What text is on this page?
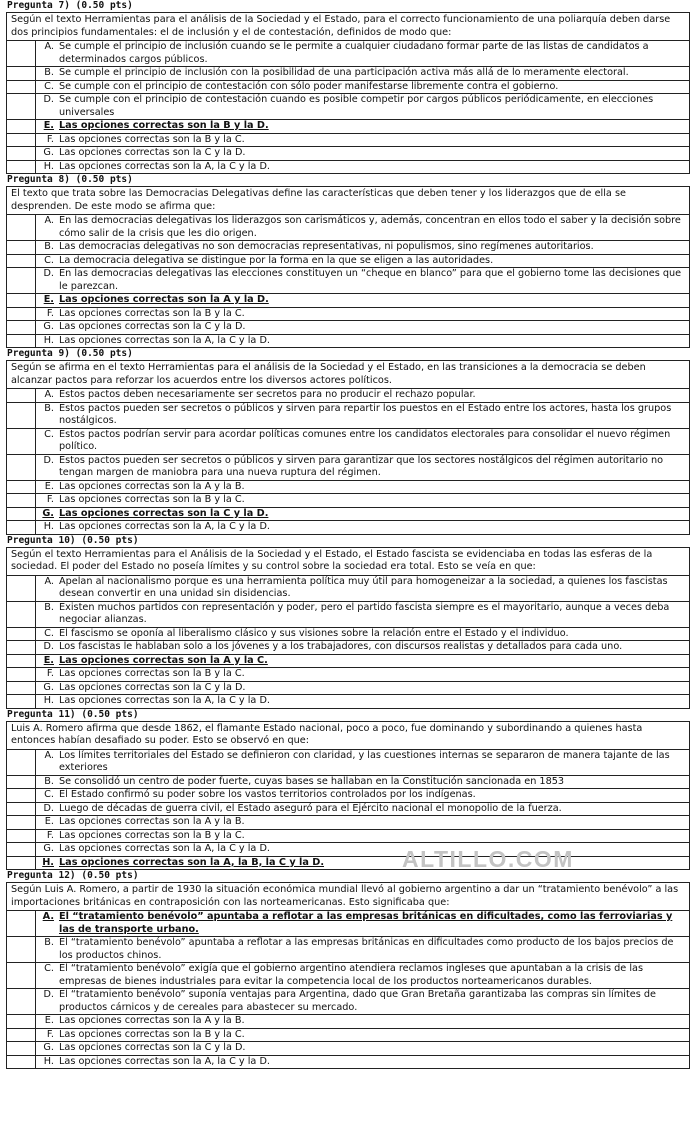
Pregunta 7) (0.50 pts)
Según el texto Herramientas para el análisis de la Sociedad y el Estado, para el correcto funcionamiento de una poliarquía deben darse dos principios fundamentales: el de inclusión y el de contestación, definidos de modo que:
A. Se cumple el principio de inclusión cuando se le permite a cualquier ciudadano formar parte de las listas de candidatos a determinados cargos públicos.
B. Se cumple el principio de inclusión con la posibilidad de una participación activa más allá de lo meramente electoral.
C. Se cumple con el principio de contestación con sólo poder manifestarse libremente contra el gobierno.
D. Se cumple con el principio de contestación cuando es posible competir por cargos públicos periódicamente, en elecciones universales
E. Las opciones correctas son la B y la D.
F. Las opciones correctas son la B y la C.
G. Las opciones correctas son la C y la D.
H. Las opciones correctas son la A, la C y la D.
Pregunta 8) (0.50 pts)
El texto que trata sobre las Democracias Delegativas define las características que deben tener y los liderazgos que de ella se desprenden. De este modo se afirma que:
A. En las democracias delegativas los liderazgos son carismáticos y, además, concentran en ellos todo el saber y la decisión sobre cómo salir de la crisis que les dio origen.
B. Las democracias delegativas no son democracias representativas, ni populismos, sino regímenes autoritarios.
C. La democracia delegativa se distingue por la forma en la que se eligen a las autoridades.
D. En las democracias delegativas las elecciones constituyen un “cheque en blanco” para que el gobierno tome las decisiones que le parezcan.
E. Las opciones correctas son la A y la D.
F. Las opciones correctas son la B y la C.
G. Las opciones correctas son la C y la D.
H. Las opciones correctas son la A, la C y la D.
Pregunta 9) (0.50 pts)
Según se afirma en el texto Herramientas para el análisis de la Sociedad y el Estado, en las transiciones a la democracia se deben alcanzar pactos para reforzar los acuerdos entre los diversos actores políticos.
A. Estos pactos deben necesariamente ser secretos para no producir el rechazo popular.
B. Estos pactos pueden ser secretos o públicos y sirven para repartir los puestos en el Estado entre los actores, hasta los grupos nostálgicos.
C. Estos pactos podrían servir para acordar políticas comunes entre los candidatos electorales para consolidar el nuevo régimen político.
D. Estos pactos pueden ser secretos o públicos y sirven para garantizar que los sectores nostálgicos del régimen autoritario no tengan margen de maniobra para una nueva ruptura del régimen.
E. Las opciones correctas son la A y la B.
F. Las opciones correctas son la B y la C.
G. Las opciones correctas son la C y la D.
H. Las opciones correctas son la A, la C y la D.
Pregunta 10) (0.50 pts)
Según el texto Herramientas para el Análisis de la Sociedad y el Estado, el Estado fascista se evidenciaba en todas las esferas de la sociedad. El poder del Estado no poseía límites y su control sobre la sociedad era total. Esto se veía en que:
A. Apelan al nacionalismo porque es una herramienta política muy útil para homogeneizar a la sociedad, a quienes los fascistas desean convertir en una unidad sin disidencias.
B. Existen muchos partidos con representación y poder, pero el partido fascista siempre es el mayoritario, aunque a veces deba negociar alianzas.
C. El fascismo se oponía al liberalismo clásico y sus visiones sobre la relación entre el Estado y el individuo.
D. Los fascistas le hablaban solo a los jóvenes y a los trabajadores, con discursos realistas y detallados para cada uno.
E. Las opciones correctas son la A y la C.
F. Las opciones correctas son la B y la C.
G. Las opciones correctas son la C y la D.
H. Las opciones correctas son la A, la C y la D.
Pregunta 11) (0.50 pts)
Luis A. Romero afirma que desde 1862, el flamante Estado nacional, poco a poco, fue dominando y subordinando a quienes hasta entonces habían desafiado su poder. Esto se observó en que:
A. Los límites territoriales del Estado se definieron con claridad, y las cuestiones internas se separaron de manera tajante de las exteriores
B. Se consolidó un centro de poder fuerte, cuyas bases se hallaban en la Constitución sancionada en 1853
C. El Estado confirmó su poder sobre los vastos territorios controlados por los indígenas.
D. Luego de décadas de guerra civil, el Estado aseguró para el Ejército nacional el monopolio de la fuerza.
E. Las opciones correctas son la A y la B.
F. Las opciones correctas son la B y la C.
G. Las opciones correctas son la A, la C y la D.
H. Las opciones correctas son la A, la B, la C y la D.
Pregunta 12) (0.50 pts)
Según Luis A. Romero, a partir de 1930 la situación económica mundial llevó al gobierno argentino a dar un “tratamiento benévolo” a las importaciones británicas en contraposición con las norteamericanas. Esto significaba que:
A. El “tratamiento benévolo” apuntaba a reflotar a las empresas británicas en dificultades, como las ferroviarias y las de transporte urbano.
B. El “tratamiento benévolo” apuntaba a reflotar a las empresas británicas en dificultades como producto de los bajos precios de los productos chinos.
C. El “tratamiento benévolo” exigía que el gobierno argentino atendiera reclamos ingleses que apuntaban a la crisis de las empresas de bienes industriales para evitar la competencia local de los productos norteamericanos durables.
D. El “tratamiento benévolo” suponía ventajas para Argentina, dado que Gran Bretaña garantizaba las compras sin límites de productos cárnicos y de cereales para abastecer su mercado.
E. Las opciones correctas son la A y la B.
F. Las opciones correctas son la B y la C.
G. Las opciones correctas son la C y la D.
H. Las opciones correctas son la A, la C y la D.
ALTILLO.COM
